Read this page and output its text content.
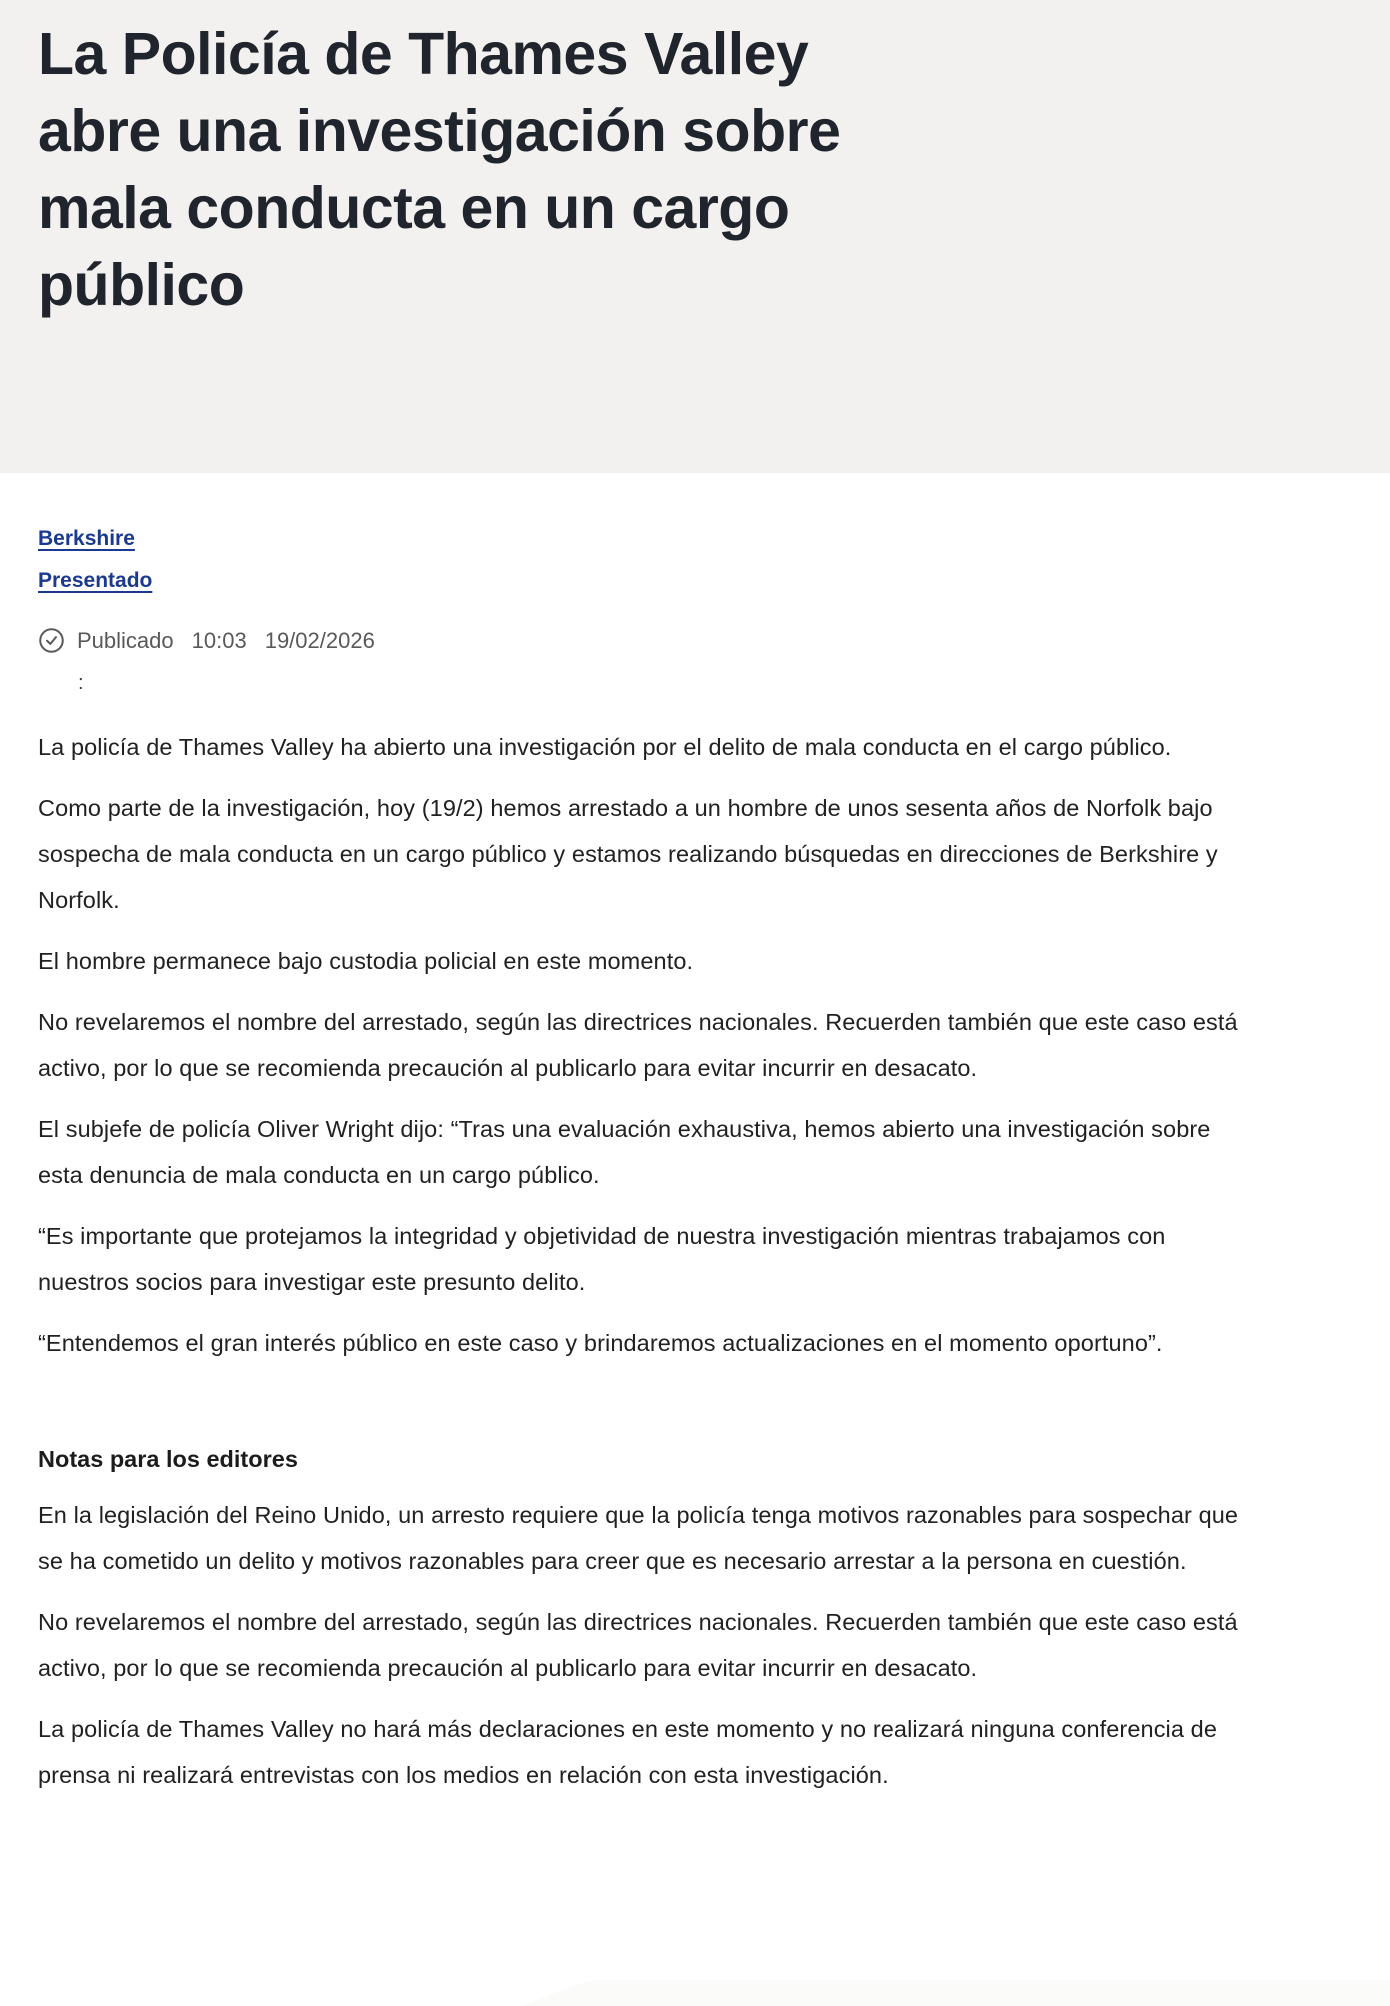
La Policía de Thames Valley
abre una investigación sobre
mala conducta en un cargo
público
Berkshire
Presentado
Publicado 10:03 19/02/2026
:

La policía de Thames Valley ha abierto una investigación por el delito de mala conducta en el cargo público.

Como parte de la investigación, hoy (19/2) hemos arrestado a un hombre de unos sesenta años de Norfolk bajo sospecha de mala conducta en un cargo público y estamos realizando búsquedas en direcciones de Berkshire y Norfolk.

El hombre permanece bajo custodia policial en este momento.

No revelaremos el nombre del arrestado, según las directrices nacionales. Recuerden también que este caso está activo, por lo que se recomienda precaución al publicarlo para evitar incurrir en desacato.

El subjefe de policía Oliver Wright dijo: “Tras una evaluación exhaustiva, hemos abierto una investigación sobre esta denuncia de mala conducta en un cargo público.

“Es importante que protejamos la integridad y objetividad de nuestra investigación mientras trabajamos con nuestros socios para investigar este presunto delito.

“Entendemos el gran interés público en este caso y brindaremos actualizaciones en el momento oportuno”.

Notas para los editores

En la legislación del Reino Unido, un arresto requiere que la policía tenga motivos razonables para sospechar que se ha cometido un delito y motivos razonables para creer que es necesario arrestar a la persona en cuestión.

No revelaremos el nombre del arrestado, según las directrices nacionales. Recuerden también que este caso está activo, por lo que se recomienda precaución al publicarlo para evitar incurrir en desacato.

La policía de Thames Valley no hará más declaraciones en este momento y no realizará ninguna conferencia de prensa ni realizará entrevistas con los medios en relación con esta investigación.
